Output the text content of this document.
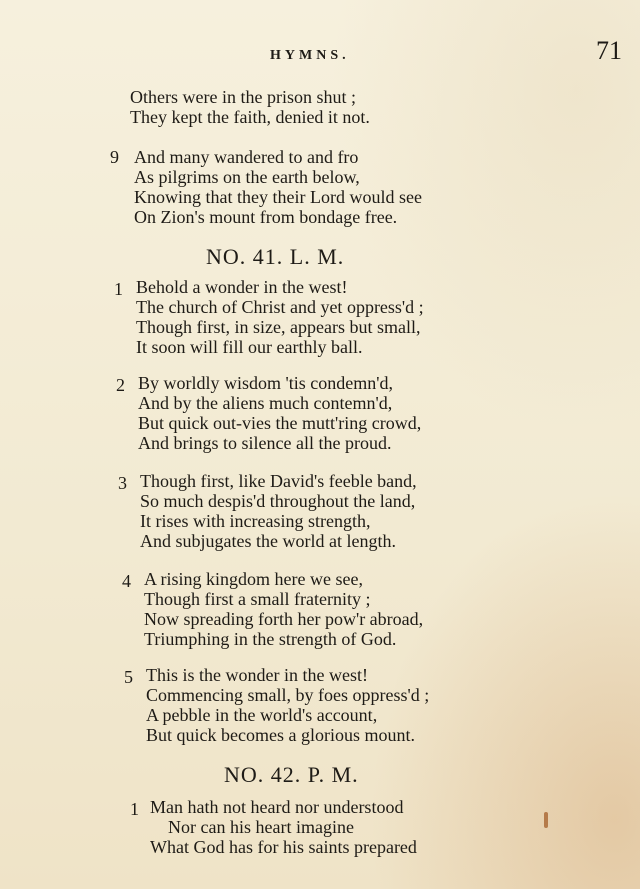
HYMNS.	71
Others were in the prison shut ;
They kept the faith, denied it not.
9 And many wandered to and fro
As pilgrims on the earth below,
Knowing that they their Lord would see
On Zion's mount from bondage free.
NO. 41. L. M.
1 Behold a wonder in the west!
The church of Christ and yet oppress'd ;
Though first, in size, appears but small,
It soon will fill our earthly ball.
2 By worldly wisdom 'tis condemn'd,
And by the aliens much contemn'd,
But quick out-vies the mutt'ring crowd,
And brings to silence all the proud.
3 Though first, like David's feeble band,
So much despis'd throughout the land,
It rises with increasing strength,
And subjugates the world at length.
4 A rising kingdom here we see,
Though first a small fraternity ;
Now spreading forth her pow'r abroad,
Triumphing in the strength of God.
5 This is the wonder in the west!
Commencing small, by foes oppress'd ;
A pebble in the world's account,
But quick becomes a glorious mount.
NO. 42. P. M.
1 Man hath not heard nor understood
Nor can his heart imagine
What God has for his saints prepared
